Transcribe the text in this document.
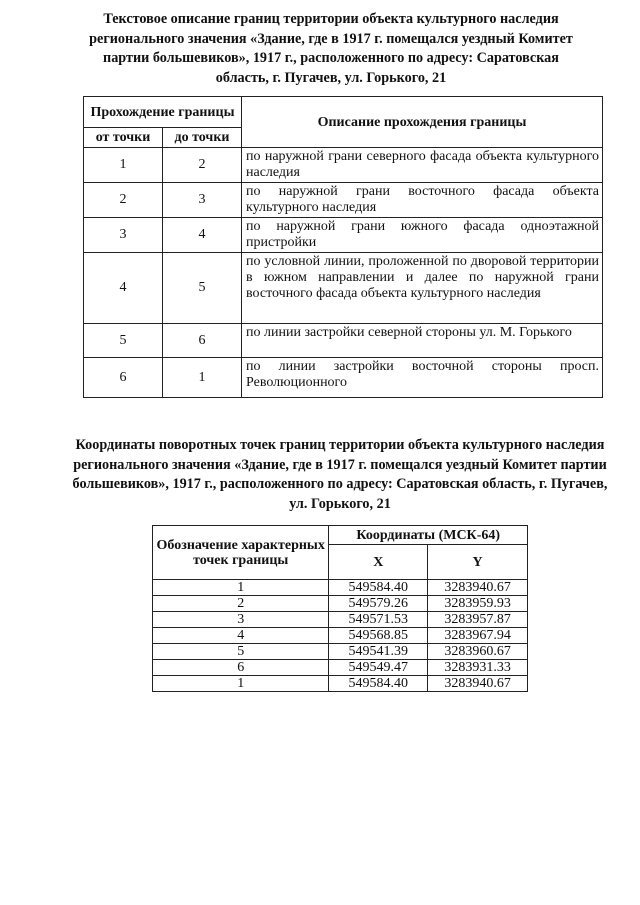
Текстовое описание границ территории объекта культурного наследия регионального значения «Здание, где в 1917 г. помещался уездный Комитет партии большевиков», 1917 г., расположенного по адресу: Саратовская область, г. Пугачев, ул. Горького, 21
Прохождение границы		Описание прохождения границы
от точки	до точки	
1	2	по наружной грани северного фасада объекта культурного наследия
2	3	по наружной грани восточного фасада объекта культурного наследия
3	4	по наружной грани южного фасада одноэтажной пристройки
4	5	по условной линии, проложенной по дворовой территории в южном направлении и далее по наружной грани восточного фасада объекта культурного наследия
5	6	по линии застройки северной стороны ул. М. Горького
6	1	по линии застройки восточной стороны просп. Революционного
Координаты поворотных точек границ территории объекта культурного наследия регионального значения «Здание, где в 1917 г. помещался уездный Комитет партии большевиков», 1917 г., расположенного по адресу: Саратовская область, г. Пугачев, ул. Горького, 21
Обозначение характерных точек границы	Координаты (МСК-64)	
	X	Y
1	549584.40	3283940.67
2	549579.26	3283959.93
3	549571.53	3283957.87
4	549568.85	3283967.94
5	549541.39	3283960.67
6	549549.47	3283931.33
1	549584.40	3283940.67
